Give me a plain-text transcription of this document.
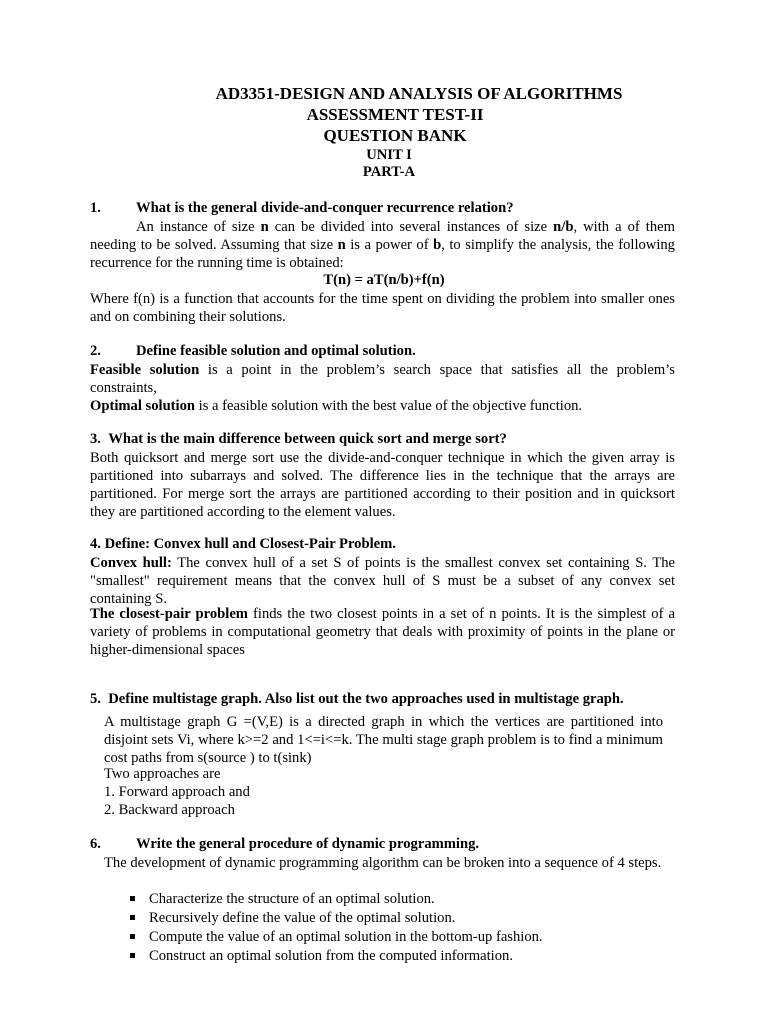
AD3351-DESIGN AND ANALYSIS OF ALGORITHMS
ASSESSMENT TEST-II
QUESTION BANK
UNIT I
PART-A
1. What is the general divide-and-conquer recurrence relation?

An instance of size n can be divided into several instances of size n/b, with a of them needing to be solved. Assuming that size n is a power of b, to simplify the analysis, the following recurrence for the running time is obtained:

T(n) = aT(n/b)+f(n)

Where f(n) is a function that accounts for the time spent on dividing the problem into smaller ones and on combining their solutions.

2. Define feasible solution and optimal solution.

Feasible solution is a point in the problem’s search space that satisfies all the problem’s constraints,

Optimal solution is a feasible solution with the best value of the objective function.

3. What is the main difference between quick sort and merge sort?

Both quicksort and merge sort use the divide-and-conquer technique in which the given array is partitioned into subarrays and solved. The difference lies in the technique that the arrays are partitioned. For merge sort the arrays are partitioned according to their position and in quicksort they are partitioned according to the element values.

4. Define: Convex hull and Closest-Pair Problem.

Convex hull: The convex hull of a set S of points is the smallest convex set containing S. The "smallest" requirement means that the convex hull of S must be a subset of any convex set containing S.

The closest-pair problem finds the two closest points in a set of n points. It is the simplest of a variety of problems in computational geometry that deals with proximity of points in the plane or higher-dimensional spaces

5. Define multistage graph. Also list out the two approaches used in multistage graph.

A multistage graph G =(V,E) is a directed graph in which the vertices are partitioned into disjoint sets Vi, where k>=2 and 1<=i<=k. The multi stage graph problem is to find a minimum cost paths from s(source ) to t(sink)

Two approaches are
1. Forward approach and
2. Backward approach
6. Write the general procedure of dynamic programming.

The development of dynamic programming algorithm can be broken into a sequence of 4 steps.

Characterize the structure of an optimal solution.
Recursively define the value of the optimal solution.
Compute the value of an optimal solution in the bottom-up fashion.
Construct an optimal solution from the computed information.
